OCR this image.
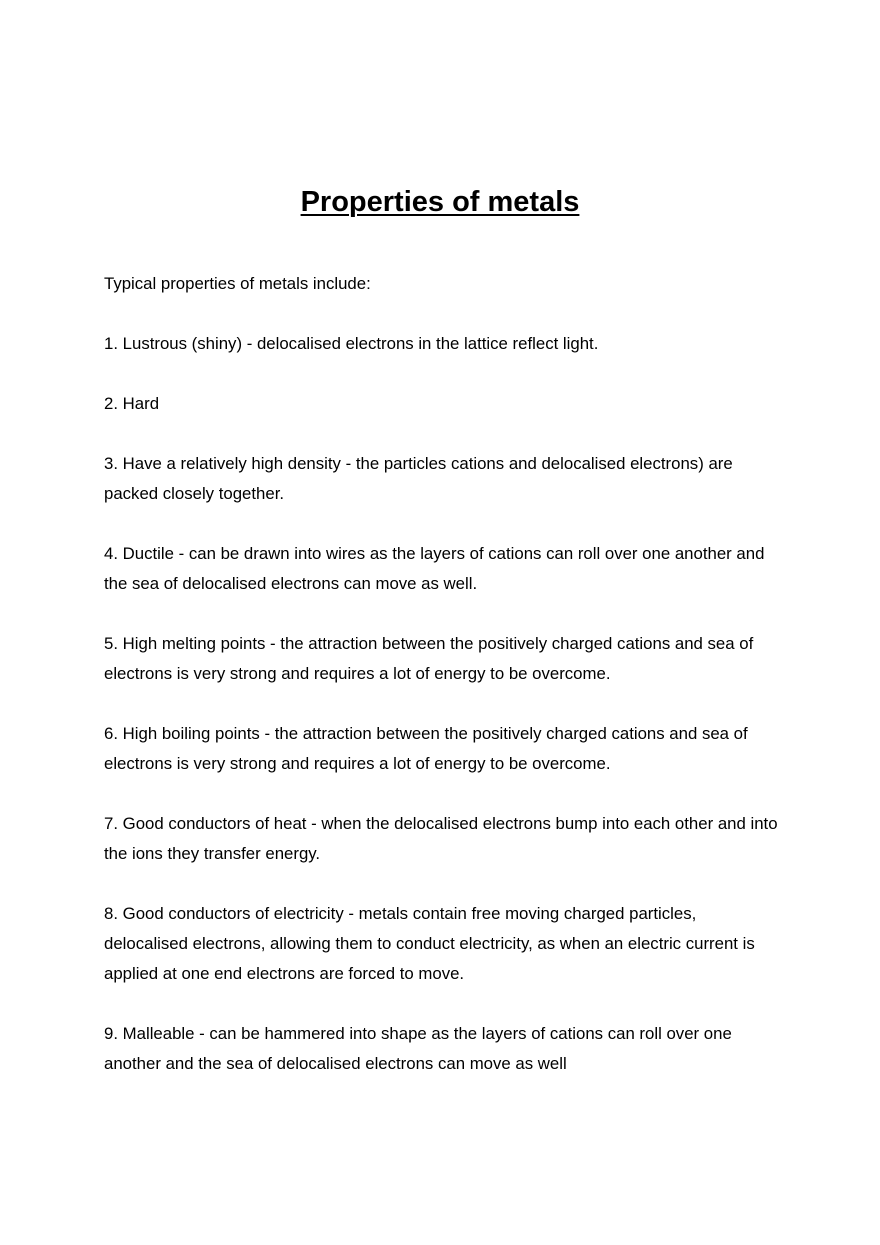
Properties of metals

Typical properties of metals include:

1. Lustrous (shiny) - delocalised electrons in the lattice reflect light.

2. Hard

3. Have a relatively high density - the particles cations and delocalised electrons) are packed closely together.

4. Ductile - can be drawn into wires as the layers of cations can roll over one another and the sea of delocalised electrons can move as well.

5. High melting points - the attraction between the positively charged cations and sea of electrons is very strong and requires a lot of energy to be overcome.

6. High boiling points - the attraction between the positively charged cations and sea of electrons is very strong and requires a lot of energy to be overcome.

7. Good conductors of heat - when the delocalised electrons bump into each other and into the ions they transfer energy.

8. Good conductors of electricity - metals contain free moving charged particles, delocalised electrons, allowing them to conduct electricity, as when an electric current is applied at one end electrons are forced to move.

9. Malleable - can be hammered into shape as the layers of cations can roll over one another and the sea of delocalised electrons can move as well
